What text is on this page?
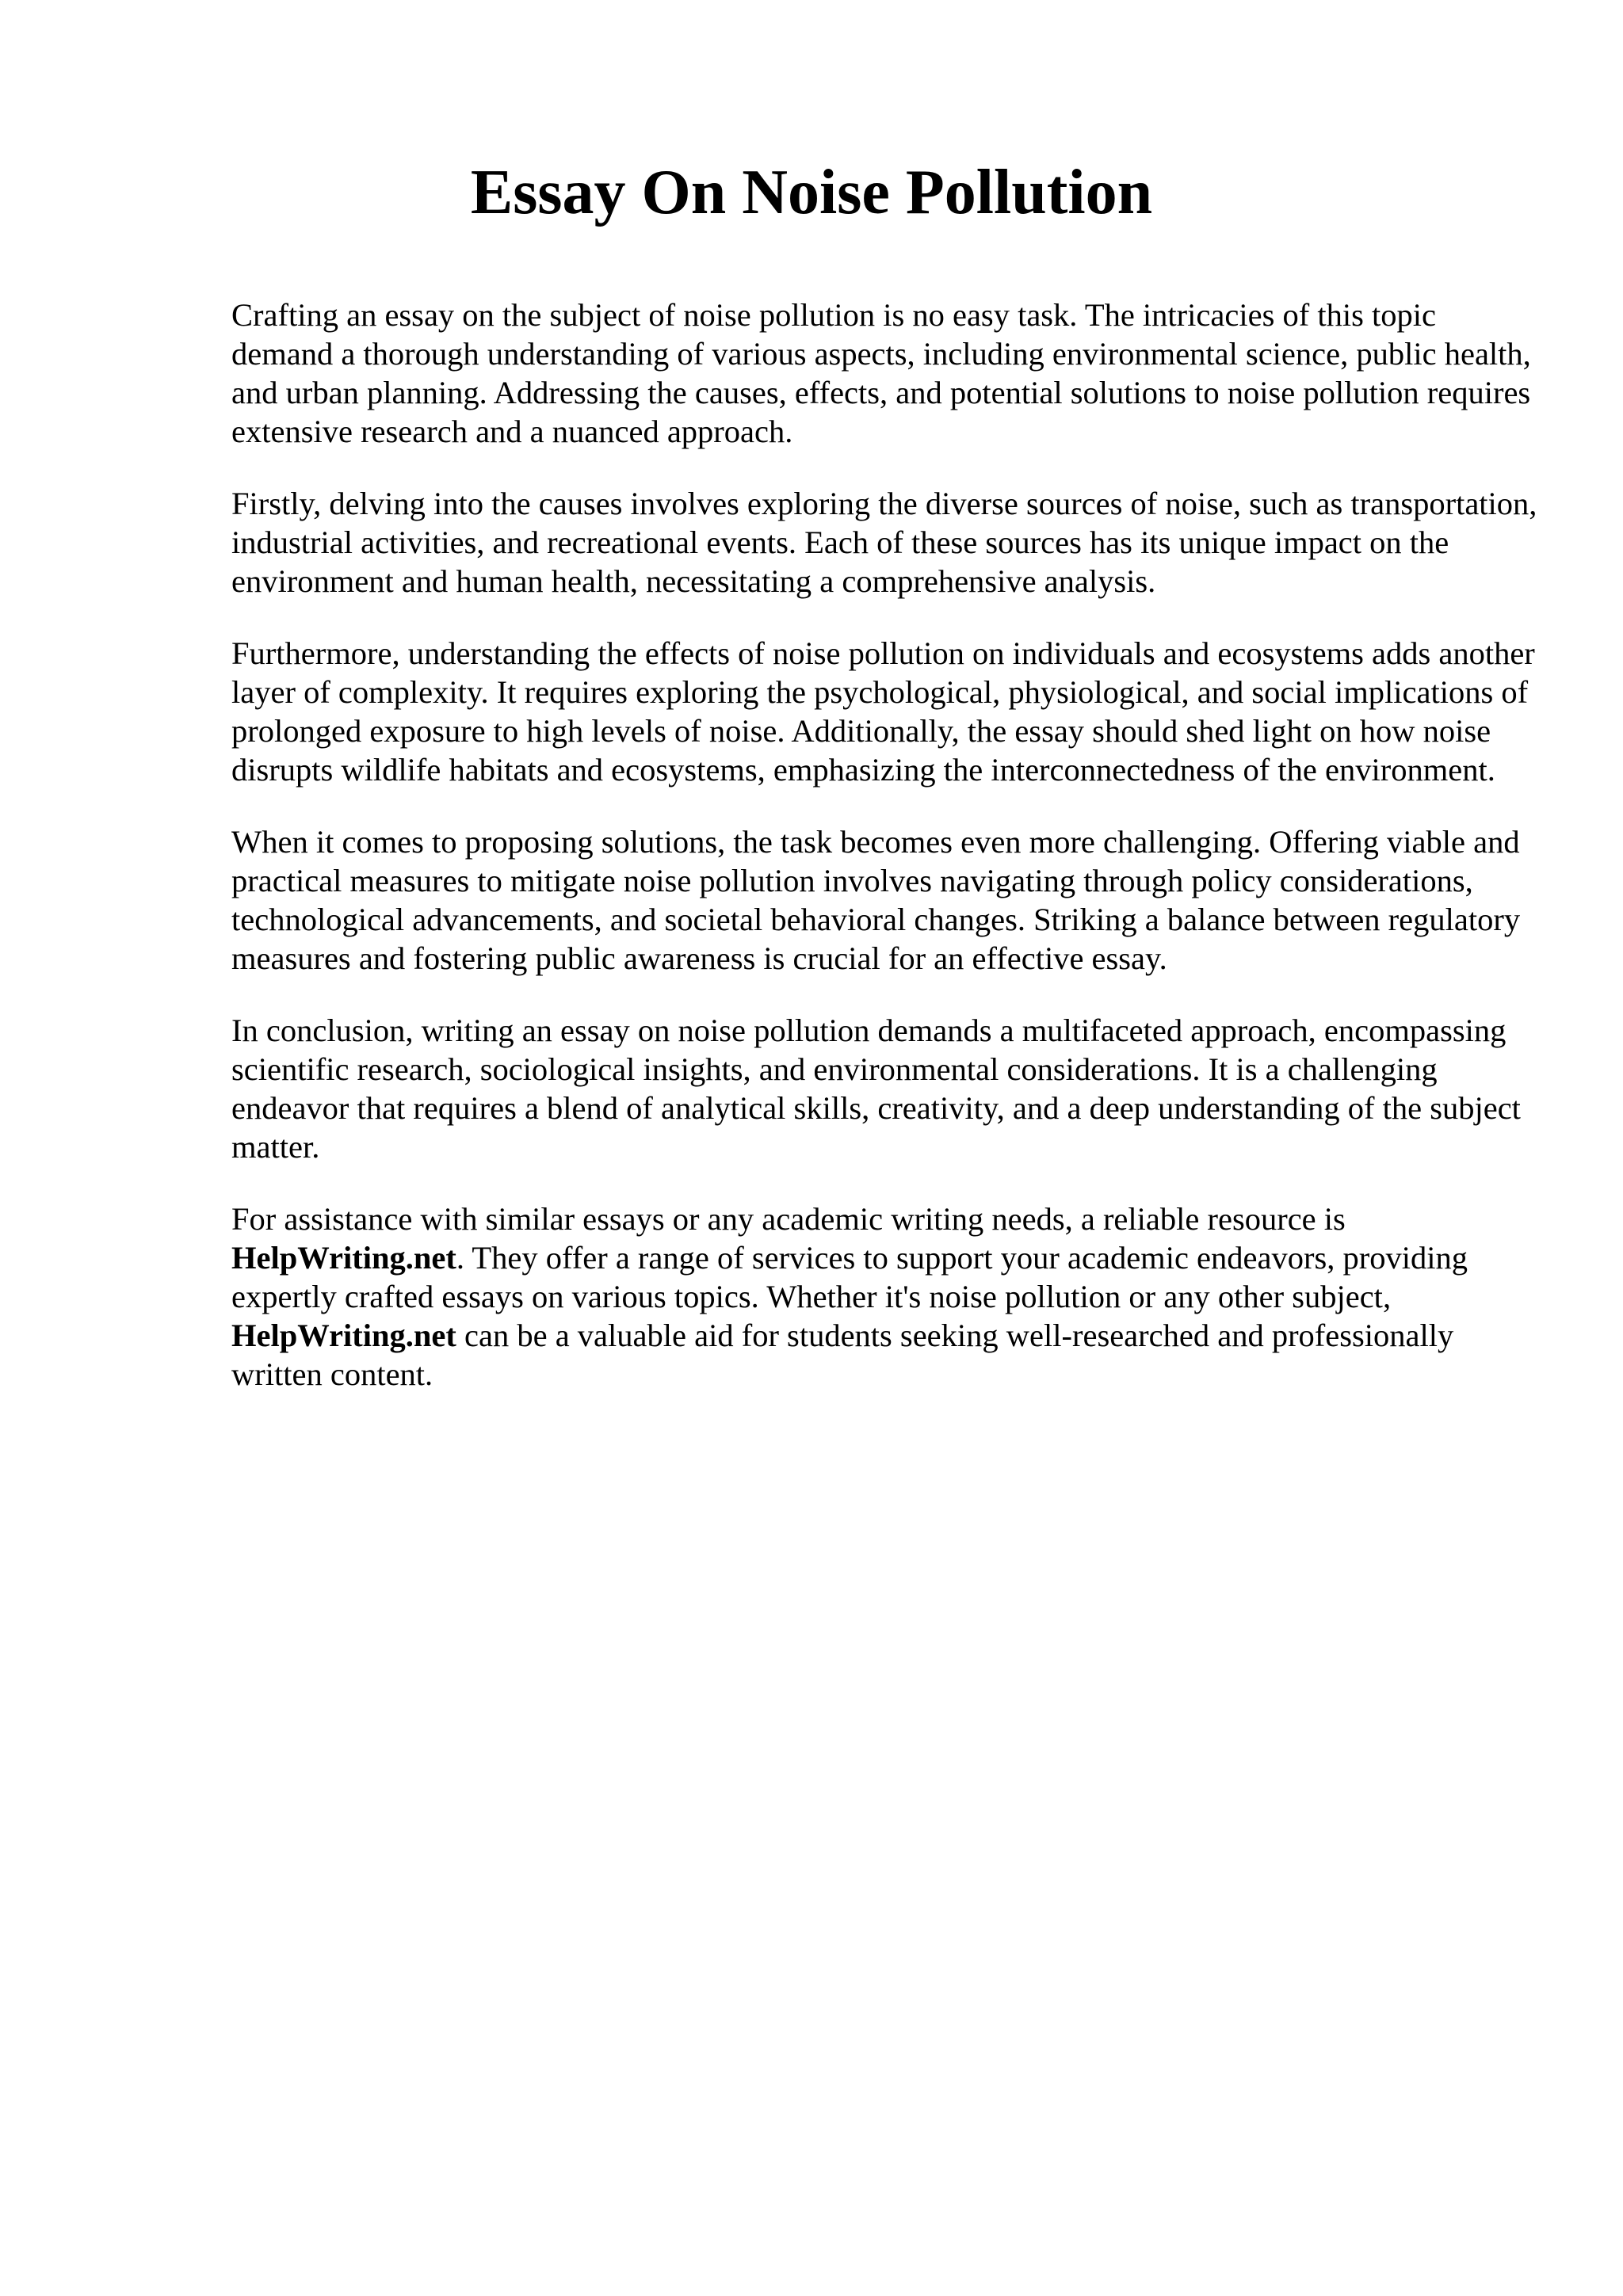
Essay On Noise Pollution

Crafting an essay on the subject of noise pollution is no easy task. The intricacies of this topic demand a thorough understanding of various aspects, including environmental science, public health, and urban planning. Addressing the causes, effects, and potential solutions to noise pollution requires extensive research and a nuanced approach.

Firstly, delving into the causes involves exploring the diverse sources of noise, such as transportation, industrial activities, and recreational events. Each of these sources has its unique impact on the environment and human health, necessitating a comprehensive analysis.

Furthermore, understanding the effects of noise pollution on individuals and ecosystems adds another layer of complexity. It requires exploring the psychological, physiological, and social implications of prolonged exposure to high levels of noise. Additionally, the essay should shed light on how noise disrupts wildlife habitats and ecosystems, emphasizing the interconnectedness of the environment.

When it comes to proposing solutions, the task becomes even more challenging. Offering viable and practical measures to mitigate noise pollution involves navigating through policy considerations, technological advancements, and societal behavioral changes. Striking a balance between regulatory measures and fostering public awareness is crucial for an effective essay.

In conclusion, writing an essay on noise pollution demands a multifaceted approach, encompassing scientific research, sociological insights, and environmental considerations. It is a challenging endeavor that requires a blend of analytical skills, creativity, and a deep understanding of the subject matter.

For assistance with similar essays or any academic writing needs, a reliable resource is HelpWriting.net. They offer a range of services to support your academic endeavors, providing expertly crafted essays on various topics. Whether it's noise pollution or any other subject, HelpWriting.net can be a valuable aid for students seeking well-researched and professionally written content.
